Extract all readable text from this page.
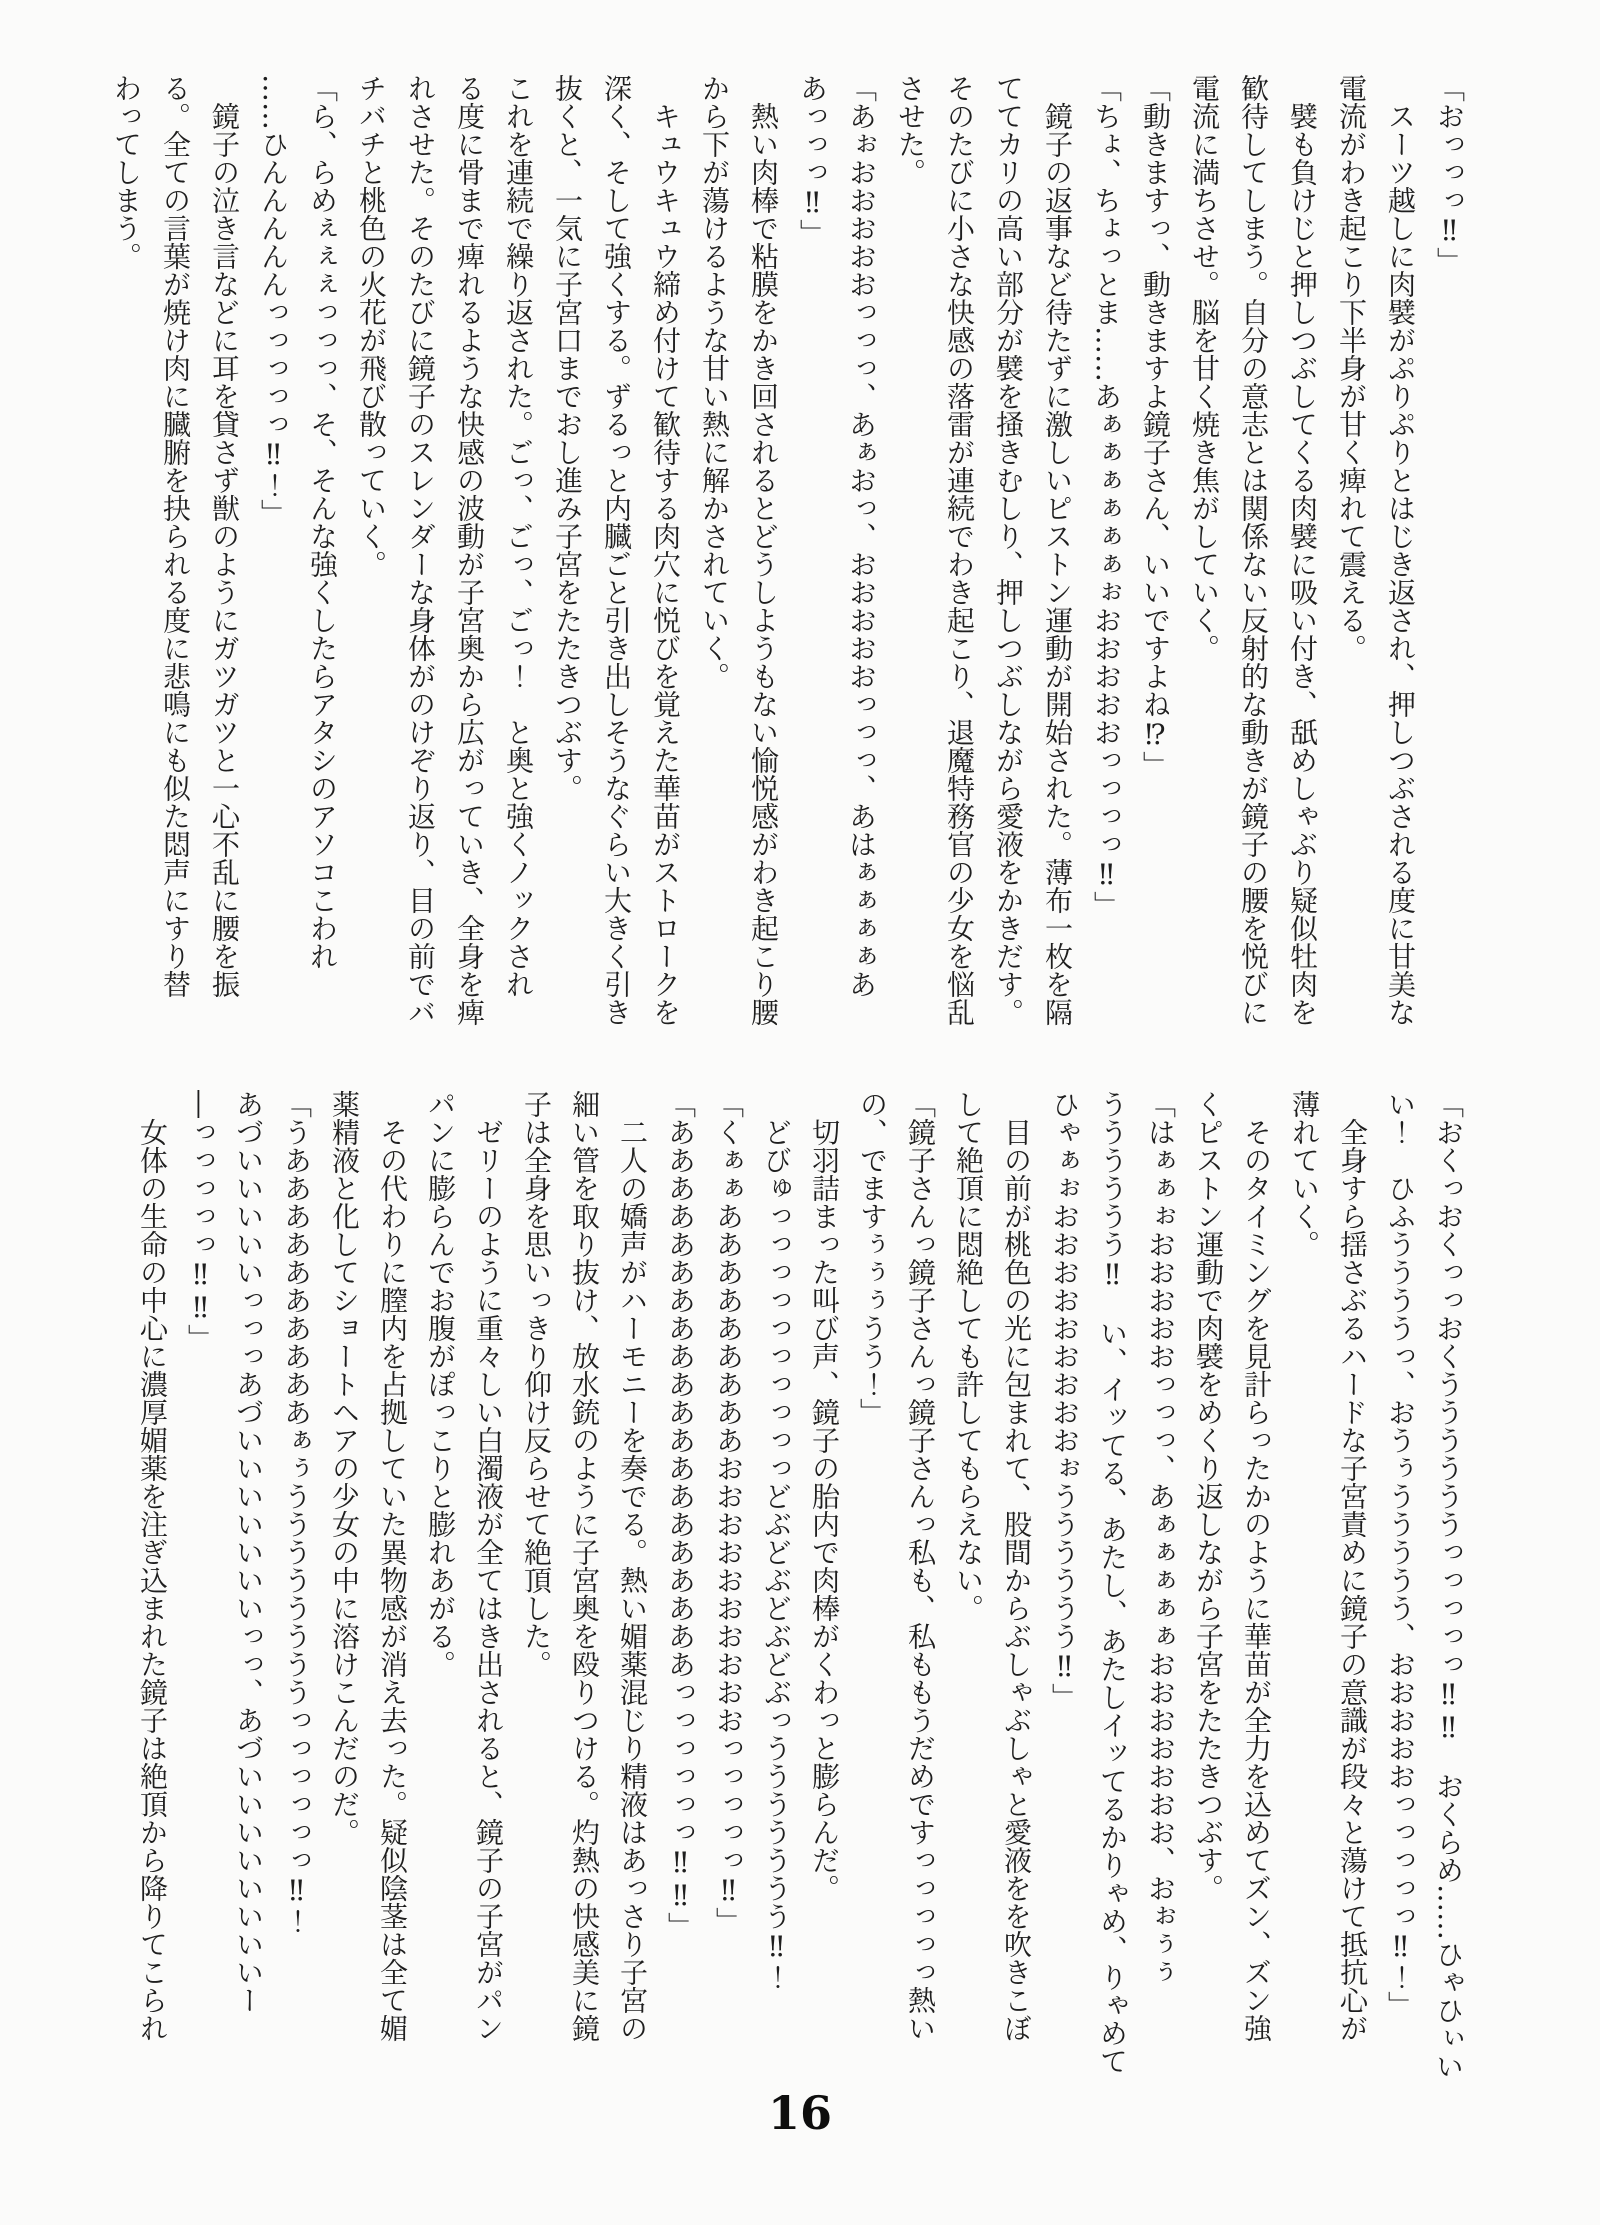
「おっっっ‼」
　スーツ越しに肉襞がぷりぷりとはじき返され、押しつぶされる度に甘美な
電流がわき起こり下半身が甘く痺れて震える。
　襞も負けじと押しつぶしてくる肉襞に吸い付き、舐めしゃぶり疑似牡肉を
歓待してしまう。自分の意志とは関係ない反射的な動きが鏡子の腰を悦びに
電流に満ちさせ。脳を甘く焼き焦がしていく。
「動きますっ、動きますよ鏡子さん、いいですよね⁉」
「ちょ、ちょっとま……あぁぁぁぁぁぁぉおおおおおっっっっ‼」
　鏡子の返事など待たずに激しいピストン運動が開始された。薄布一枚を隔
ててカリの高い部分が襞を掻きむしり、押しつぶしながら愛液をかきだす。
そのたびに小さな快感の落雷が連続でわき起こり、退魔特務官の少女を悩乱
させた。
「あぉおおおおおっっっ、あぁおっ、おおおおおっっっ、あはぁぁぁぁあ
あっっっ‼」
　熱い肉棒で粘膜をかき回されるとどうしようもない愉悦感がわき起こり腰
から下が蕩けるような甘い熱に解かされていく。
　キュウキュウ締め付けて歓待する肉穴に悦びを覚えた華苗がストロークを
深く、そして強くする。ずるっと内臓ごと引き出しそうなぐらい大きく引き
抜くと、一気に子宮口までおし進み子宮をたたきつぶす。
これを連続で繰り返された。ごっ、ごっ、ごっ！　と奥と強くノックされ
る度に骨まで痺れるような快感の波動が子宮奥から広がっていき、全身を痺
れさせた。そのたびに鏡子のスレンダーな身体がのけぞり返り、目の前でバ
チバチと桃色の火花が飛び散っていく。
「ら、らめぇぇぇっっっ、そ、そんな強くしたらアタシのアソコこわれ
……ひんんんんんっっっっっ‼！」
　鏡子の泣き言などに耳を貸さず獣のようにガツガツと一心不乱に腰を振
る。全ての言葉が焼け肉に臓腑を抉られる度に悲鳴にも似た悶声にすり替
わってしまう。
「おくっおくっっおくううううううっっっっっ‼‼　おくらめ……ひゃひぃい
い！　ひふううううっ、おうぅううううう、おおおおおっっっっっ‼！」
　全身すら揺さぶるハードな子宮責めに鏡子の意識が段々と蕩けて抵抗心が
薄れていく。
　そのタイミングを見計らったかのように華苗が全力を込めてズン、ズン強
くピストン運動で肉襞をめくり返しながら子宮をたたきつぶす。
「はぁぁぉおおおおおっっっ、あぁぁぁぁぁおおおおおおお、おぉぅぅ
うううううう‼　い、イッてる、あたし、あたしイッてるかりゃめ、りゃめて
ひゃぁぉおおおおおおおおおぉうううううう‼」
　目の前が桃色の光に包まれて、股間からぶしゃぶしゃと愛液をを吹きこぼ
して絶頂に悶絶しても許してもらえない。
「鏡子さんっ鏡子さんっ鏡子さんっ私も、私ももうだめですっっっっっ熱い
の、でますぅぅぅうう！」
　切羽詰まった叫び声、鏡子の胎内で肉棒がくわっと膨らんだ。
　どびゅっっっっっっっっっっどぶどぶどぶどぶっううううううう‼！
「くぁぁあああああああああおおおおおおおおおおっっっっっ‼」
「ああああああああああああああああああああっっっっっっ‼‼」
　二人の嬌声がハーモニーを奏でる。熱い媚薬混じり精液はあっさり子宮の
細い管を取り抜け、放水銃のように子宮奥を殴りつける。灼熱の快感美に鏡
子は全身を思いっきり仰け反らせて絶頂した。
　ゼリーのように重々しい白濁液が全てはき出されると、鏡子の子宮がパン
パンに膨らんでお腹がぽっこりと膨れあがる。
　その代わりに膣内を占拠していた異物感が消え去った。疑似陰茎は全て媚
薬精液と化してショートヘアの少女の中に溶けこんだのだ。
「うああああああああああぁぅううううううううっっっっっっ‼！
あづいいいいいっっっあづいいいいいいいっっ、あづいいいいいいいいー
―っっっっっ‼‼」
　女体の生命の中心に濃厚媚薬を注ぎ込まれた鏡子は絶頂から降りてこられ
16
